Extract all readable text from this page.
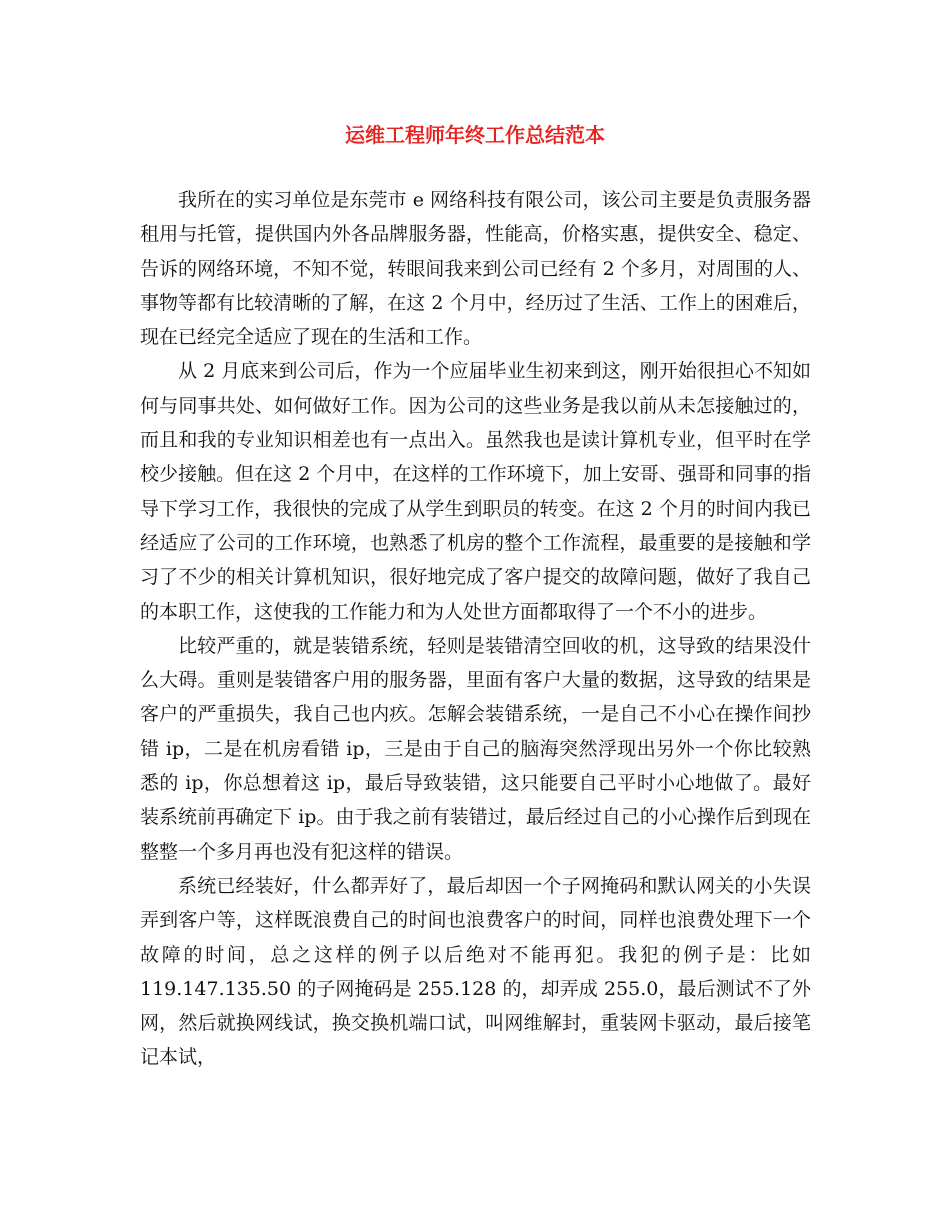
运维工程师年终工作总结范本

我所在的实习单位是东莞市 e 网络科技有限公司，该公司主要是负责服务器租用与托管，提供国内外各品牌服务器，性能高，价格实惠，提供安全、稳定、告诉的网络环境，不知不觉，转眼间我来到公司已经有 2 个多月，对周围的人、事物等都有比较清晰的了解，在这 2 个月中，经历过了生活、工作上的困难后，现在已经完全适应了现在的生活和工作。

从 2 月底来到公司后，作为一个应届毕业生初来到这，刚开始很担心不知如何与同事共处、如何做好工作。因为公司的这些业务是我以前从未怎接触过的，而且和我的专业知识相差也有一点出入。虽然我也是读计算机专业，但平时在学校少接触。但在这 2 个月中，在这样的工作环境下，加上安哥、强哥和同事的指导下学习工作，我很快的完成了从学生到职员的转变。在这 2 个月的时间内我已经适应了公司的工作环境，也熟悉了机房的整个工作流程，最重要的是接触和学习了不少的相关计算机知识，很好地完成了客户提交的故障问题，做好了我自己的本职工作，这使我的工作能力和为人处世方面都取得了一个不小的进步。

比较严重的，就是装错系统，轻则是装错清空回收的机，这导致的结果没什么大碍。重则是装错客户用的服务器，里面有客户大量的数据，这导致的结果是客户的严重损失，我自己也内疚。怎解会装错系统，一是自己不小心在操作间抄错 ip，二是在机房看错 ip，三是由于自己的脑海突然浮现出另外一个你比较熟悉的 ip，你总想着这 ip，最后导致装错，这只能要自己平时小心地做了。最好装系统前再确定下 ip。由于我之前有装错过，最后经过自己的小心操作后到现在整整一个多月再也没有犯这样的错误。

系统已经装好，什么都弄好了，最后却因一个子网掩码和默认网关的小失误弄到客户等，这样既浪费自己的时间也浪费客户的时间，同样也浪费处理下一个故障的时间，总之这样的例子以后绝对不能再犯。我犯的例子是：比如 119.147.135.50 的子网掩码是 255.128 的，却弄成 255.0，最后测试不了外网，然后就换网线试，换交换机端口试，叫网维解封，重装网卡驱动，最后接笔记本试，
